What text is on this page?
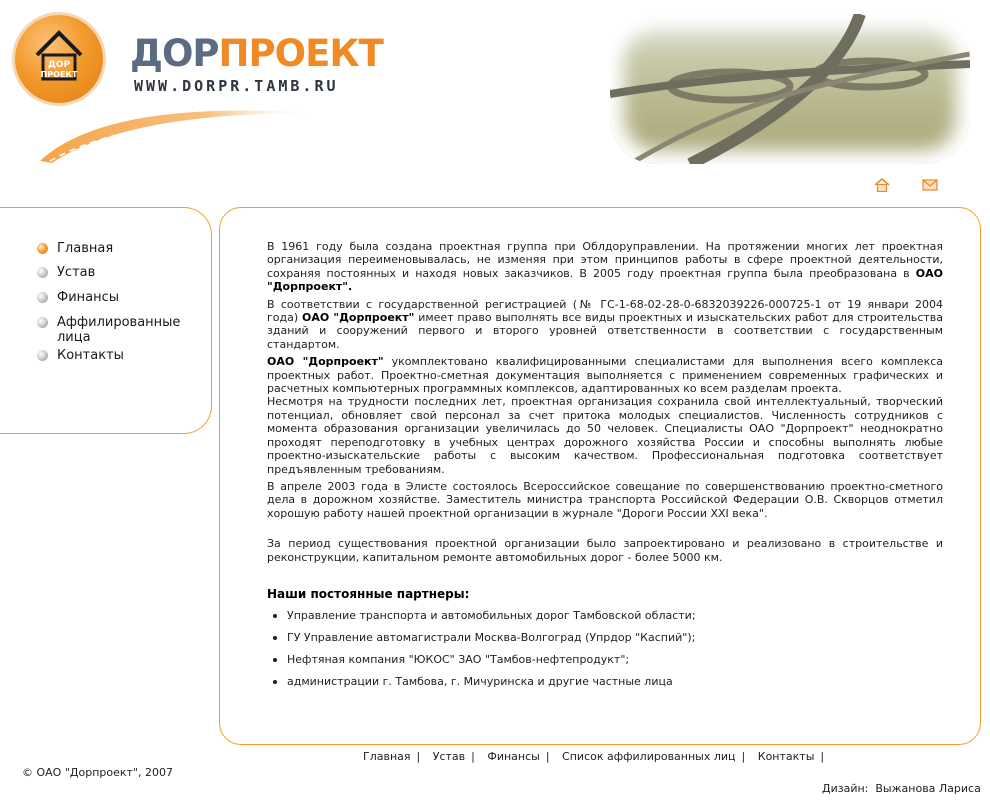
ДОР
ПРОЕКТ ДОРПРОЕКТ
WWW.DORPR.TAMB.RU
Главная
Устав
Финансы
Аффилированные лица
Контакты

В 1961 году была создана проектная группа при Облдоруправлении. На протяжении многих лет проектная организация переименовывалась, не изменяя при этом принципов работы в сфере проектной деятельности, сохраняя постоянных и находя новых заказчиков. В 2005 году проектная группа была преобразована в ОАО "Дорпроект".

В соответствии с государственной регистрацией (№ ГС-1-68-02-28-0-6832039226-000725-1 от 19 январи 2004 года) ОАО "Дорпроект" имеет право выполнять все виды проектных и изыскательских работ для строительства зданий и сооружений первого и второго уровней ответственности в соответствии с государственным стандартом.

ОАО "Дорпроект" укомплектовано квалифицированными специалистами для выполнения всего комплекса проектных работ. Проектно-сметная документация выполняется с применением современных графических и расчетных компьютерных программных комплексов, адаптированных ко всем разделам проекта.
Несмотря на трудности последних лет, проектная организация сохранила свой интеллектуальный, творческий потенциал, обновляет свой персонал за счет притока молодых специалистов. Численность сотрудников с момента образования организации увеличилась до 50 человек. Специалисты ОАО "Дорпроект" неоднократно проходят переподготовку в учебных центрах дорожного хозяйства России и способны выполнять любые проектно-изыскательские работы с высоким качеством. Профессиональная подготовка соответствует предъявленным требованиям.

В апреле 2003 года в Элисте состоялось Всероссийское совещание по совершенствованию проектно-сметного дела в дорожном хозяйстве. Заместитель министра транспорта Российской Федерации О.В. Скворцов отметил хорошую работу нашей проектной организации в журнале "Дороги России XXI века".

За период существования проектной организации было запроектировано и реализовано в строительстве и реконструкции, капитальном ремонте автомобильных дорог - более 5000 км.

Наши постоянные партнеры:
Управление транспорта и автомобильных дорог Тамбовской области;
ГУ Управление автомагистрали Москва-Волгоград (Упрдор "Каспий");
Нефтяная компания "ЮКОС" ЗАО "Тамбов-нефтепродукт";
администрации г. Тамбова, г. Мичуринска и другие частные лица
Главная | Устав | Финансы | Список аффилированных лиц | Контакты |
© ОАО "Дорпроект", 2007
Дизайн: Выжанова Лариса
